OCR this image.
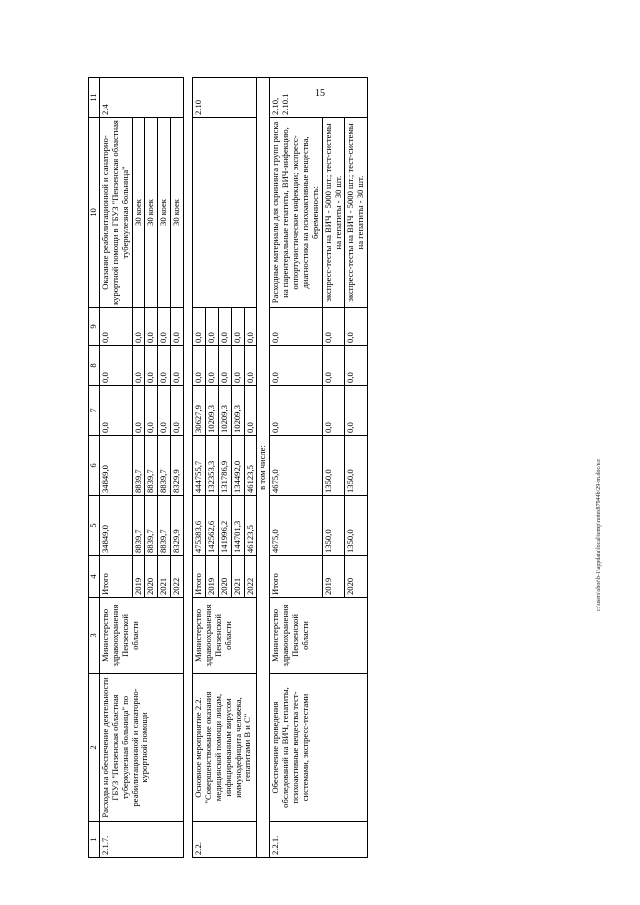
15
1	2	3	4	5	6	7	8	9	10	11
2.1.7.	Расходы на обеспечение деятельности ГБУЗ "Пензенская областная туберкулезная больница" по реабилитационной и санаторно-курортной помощи	Министерство здравоохранения Пензенской области	Итого	34849,0	34849,0	0,0	0,0	0,0	Оказание реабилитационной и санаторно-курортной помощи в ГБУЗ "Пензенская областная туберкулезная больница"	2.4
			2019	8839,7	8839,7	0,0	0,0	0,0	30 коек	
			2020	8839,7	8839,7	0,0	0,0	0,0	30 коек	
			2021	8839,7	8839,7	0,0	0,0	0,0	30 коек	
			2022	8329,9	8329,9	0,0	0,0	0,0	30 коек	

2.2.	Основное мероприятие 2.2. "Совершенствование оказания медицинской помощи лицам, инфицированным вирусом иммунодефицита человека, гепатитами B и C"	Министерство здравоохранения Пензенской области	Итого	475383,6	444755,7	30627,9	0,0	0,0		2.10
			2019	142562,6	132353,3	10209,3	0,0	0,0		
			2020	141996,2	131786,9	10209,3	0,0	0,0		
			2021	144701,3	134492,0	10209,3	0,0	0,0		
			2022	46123,5	46123,5	0,0	0,0	0,0		
в том числе:										
2.2.1.	Обеспечение проведения обследований на ВИЧ, гепатиты, психоактивные вещества тест-системами, экспресс-тестами	Министерство здравоохранения Пензенской области	Итого	4675,0	4675,0	0,0	0,0	0,0	Расходные материалы для скрининга групп риска на парентеральные гепатиты, ВИЧ-инфекцию, оппортунистические инфекции; экспресс-диагностика на психоактивные вещества, беременность:	2.10, 2.10.1
			2019	1350,0	1350,0	0,0	0,0	0,0	экспресс-тесты на ВИЧ - 5000 шт.; тест-системы на гепатиты - 30 шт.	
			2020	1350,0	1350,0	0,0	0,0	0,0	экспресс-тесты на ВИЧ - 5000 шт.; тест-системы на гепатиты - 30 шт.	
c:\users\sbor\b-1\appdata\local\temp\notes87944b\29-m.doc/кл
